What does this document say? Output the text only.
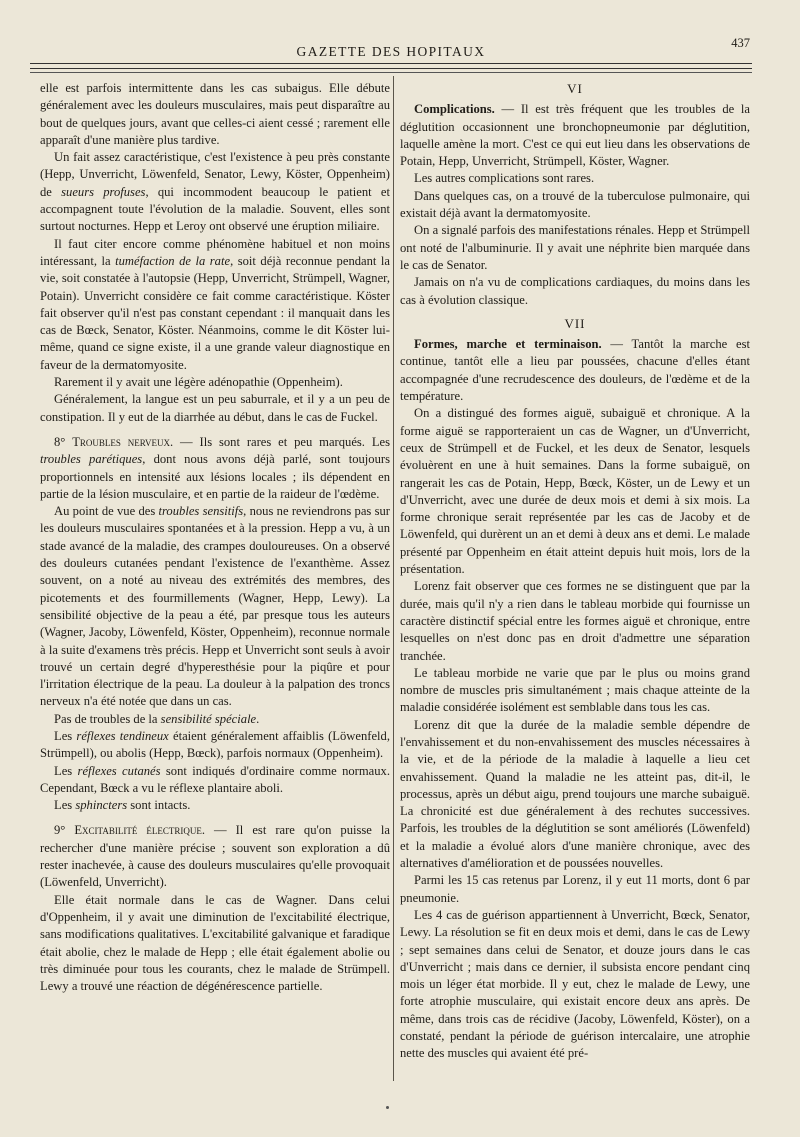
GAZETTE DES HOPITAUX
437

elle est parfois intermittente dans les cas subaigus. Elle débute généralement avec les douleurs musculaires, mais peut disparaître au bout de quelques jours, avant que celles-ci aient cessé ; rarement elle apparaît d'une manière plus tardive.

Un fait assez caractéristique, c'est l'existence à peu près constante (Hepp, Unverricht, Löwenfeld, Senator, Lewy, Köster, Oppenheim) de sueurs profuses, qui incommodent beaucoup le patient et accompagnent toute l'évolution de la maladie. Souvent, elles sont surtout nocturnes. Hepp et Leroy ont observé une éruption miliaire.

Il faut citer encore comme phénomène habituel et non moins intéressant, la tuméfaction de la rate, soit déjà reconnue pendant la vie, soit constatée à l'autopsie (Hepp, Unverricht, Strümpell, Wagner, Potain). Unverricht considère ce fait comme caractéristique. Köster fait observer qu'il n'est pas constant cependant : il manquait dans les cas de Bœck, Senator, Köster. Néanmoins, comme le dit Köster lui-même, quand ce signe existe, il a une grande valeur diagnostique en faveur de la dermatomyosite.

Rarement il y avait une légère adénopathie (Oppenheim).

Généralement, la langue est un peu saburrale, et il y a un peu de constipation. Il y eut de la diarrhée au début, dans le cas de Fuckel.

8° Troubles nerveux. — Ils sont rares et peu marqués. Les troubles parétiques, dont nous avons déjà parlé, sont toujours proportionnels en intensité aux lésions locales ; ils dépendent en partie de la lésion musculaire, et en partie de la raideur de l'œdème.

Au point de vue des troubles sensitifs, nous ne reviendrons pas sur les douleurs musculaires spontanées et à la pression. Hepp a vu, à un stade avancé de la maladie, des crampes douloureuses. On a observé des douleurs cutanées pendant l'existence de l'exanthème. Assez souvent, on a noté au niveau des extrémités des membres, des picotements et des fourmillements (Wagner, Hepp, Lewy). La sensibilité objective de la peau a été, par presque tous les auteurs (Wagner, Jacoby, Löwenfeld, Köster, Oppenheim), reconnue normale à la suite d'examens très précis. Hepp et Unverricht sont seuls à avoir trouvé un certain degré d'hyperesthésie pour la piqûre et pour l'irritation électrique de la peau. La douleur à la palpation des troncs nerveux n'a été notée que dans un cas.

Pas de troubles de la sensibilité spéciale.

Les réflexes tendineux étaient généralement affaiblis (Löwenfeld, Strümpell), ou abolis (Hepp, Bœck), parfois normaux (Oppenheim).

Les réflexes cutanés sont indiqués d'ordinaire comme normaux. Cependant, Bœck a vu le réflexe plantaire aboli.

Les sphincters sont intacts.

9° Excitabilité électrique. — Il est rare qu'on puisse la rechercher d'une manière précise ; souvent son exploration a dû rester inachevée, à cause des douleurs musculaires qu'elle provoquait (Löwenfeld, Unverricht).

Elle était normale dans le cas de Wagner. Dans celui d'Oppenheim, il y avait une diminution de l'excitabilité électrique, sans modifications qualitatives. L'excitabilité galvanique et faradique était abolie, chez le malade de Hepp ; elle était également abolie ou très diminuée pour tous les courants, chez le malade de Strümpell. Lewy a trouvé une réaction de dégénérescence partielle.

VI

Complications. — Il est très fréquent que les troubles de la déglutition occasionnent une bronchopneumonie par déglutition, laquelle amène la mort. C'est ce qui eut lieu dans les observations de Potain, Hepp, Unverricht, Strümpell, Köster, Wagner.

Les autres complications sont rares.

Dans quelques cas, on a trouvé de la tuberculose pulmonaire, qui existait déjà avant la dermatomyosite.

On a signalé parfois des manifestations rénales. Hepp et Strümpell ont noté de l'albuminurie. Il y avait une néphrite bien marquée dans le cas de Senator.

Jamais on n'a vu de complications cardiaques, du moins dans les cas à évolution classique.

VII

Formes, marche et terminaison. — Tantôt la marche est continue, tantôt elle a lieu par poussées, chacune d'elles étant accompagnée d'une recrudescence des douleurs, de l'œdème et de la température.

On a distingué des formes aiguë, subaiguë et chronique. A la forme aiguë se rapporteraient un cas de Wagner, un d'Unverricht, ceux de Strümpell et de Fuckel, et les deux de Senator, lesquels évoluèrent en une à huit semaines. Dans la forme subaiguë, on rangerait les cas de Potain, Hepp, Bœck, Köster, un de Lewy et un d'Unverricht, avec une durée de deux mois et demi à six mois. La forme chronique serait représentée par les cas de Jacoby et de Löwenfeld, qui durèrent un an et demi à deux ans et demi. Le malade présenté par Oppenheim en était atteint depuis huit mois, lors de la présentation.

Lorenz fait observer que ces formes ne se distinguent que par la durée, mais qu'il n'y a rien dans le tableau morbide qui fournisse un caractère distinctif spécial entre les formes aiguë et chronique, entre lesquelles on n'est donc pas en droit d'admettre une séparation tranchée.

Le tableau morbide ne varie que par le plus ou moins grand nombre de muscles pris simultanément ; mais chaque atteinte de la maladie considérée isolément est semblable dans tous les cas.

Lorenz dit que la durée de la maladie semble dépendre de l'envahissement et du non-envahissement des muscles nécessaires à la vie, et de la période de la maladie à laquelle a lieu cet envahissement. Quand la maladie ne les atteint pas, dit-il, le processus, après un début aigu, prend toujours une marche subaiguë. La chronicité est due généralement à des rechutes successives. Parfois, les troubles de la déglutition se sont améliorés (Löwenfeld) et la maladie a évolué alors d'une manière chronique, avec des alternatives d'amélioration et de poussées nouvelles.

Parmi les 15 cas retenus par Lorenz, il y eut 11 morts, dont 6 par pneumonie.

Les 4 cas de guérison appartiennent à Unverricht, Bœck, Senator, Lewy. La résolution se fit en deux mois et demi, dans le cas de Lewy ; sept semaines dans celui de Senator, et douze jours dans le cas d'Unverricht ; mais dans ce dernier, il subsista encore pendant cinq mois un léger état morbide. Il y eut, chez le malade de Lewy, une forte atrophie musculaire, qui existait encore deux ans après. De même, dans trois cas de récidive (Jacoby, Löwenfeld, Köster), on a constaté, pendant la période de guérison intercalaire, une atrophie nette des muscles qui avaient été pré-
